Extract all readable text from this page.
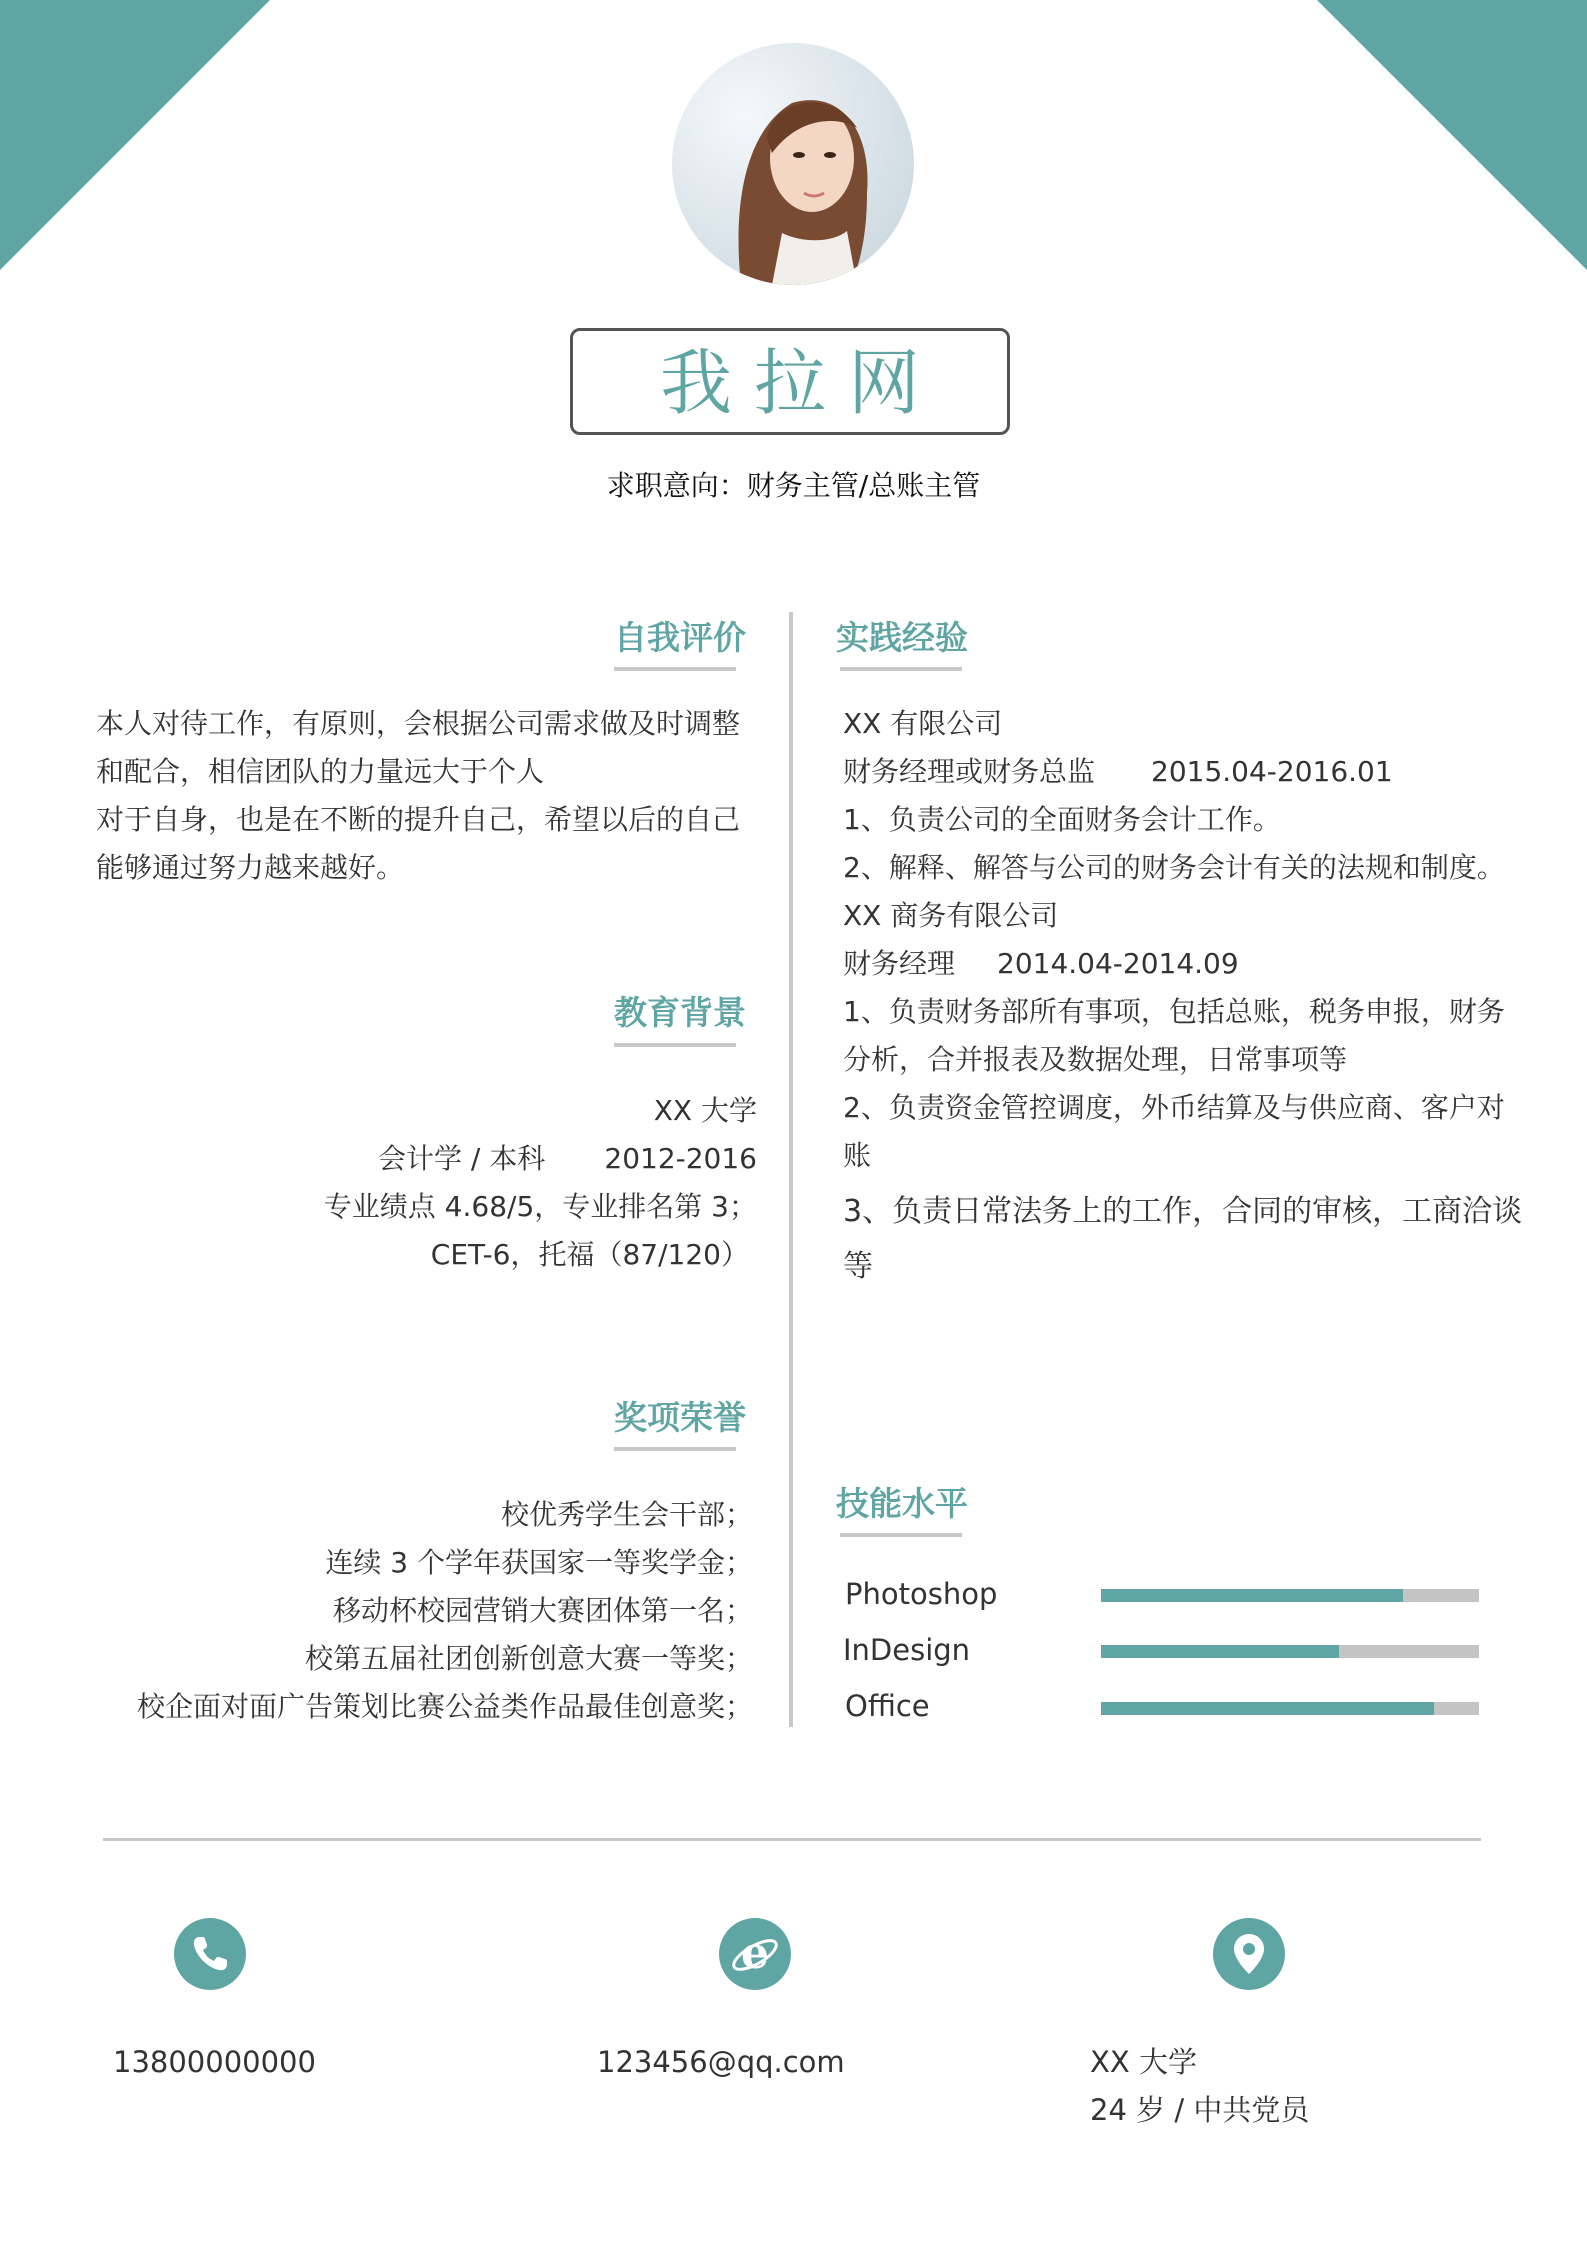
我拉网
求职意向：财务主管/总账主管
自我评价
本人对待工作，有原则，会根据公司需求做及时调整
和配合，相信团队的力量远大于个人
对于自身，也是在不断的提升自己，希望以后的自己
能够通过努力越来越好。
教育背景
XX 大学
会计学 / 本科 2012-2016
专业绩点 4.68/5，专业排名第 3；
CET-6，托福（87/120）
奖项荣誉
校优秀学生会干部；
连续 3 个学年获国家一等奖学金；
移动杯校园营销大赛团体第一名；
校第五届社团创新创意大赛一等奖；
校企面对面广告策划比赛公益类作品最佳创意奖；
实践经验
XX 有限公司
财务经理或财务总监 2015.04-2016.01
1、负责公司的全面财务会计工作。
2、解释、解答与公司的财务会计有关的法规和制度。
XX 商务有限公司
财务经理 2014.04-2014.09
1、负责财务部所有事项，包括总账，税务申报，财务
分析，合并报表及数据处理，日常事项等
2、负责资金管控调度，外币结算及与供应商、客户对
账
3、负责日常法务上的工作，合同的审核，工商洽谈
等
技能水平
Photoshop
InDesign
Office
e
13800000000	123456@qq.com	XX 大学
24 岁 / 中共党员
